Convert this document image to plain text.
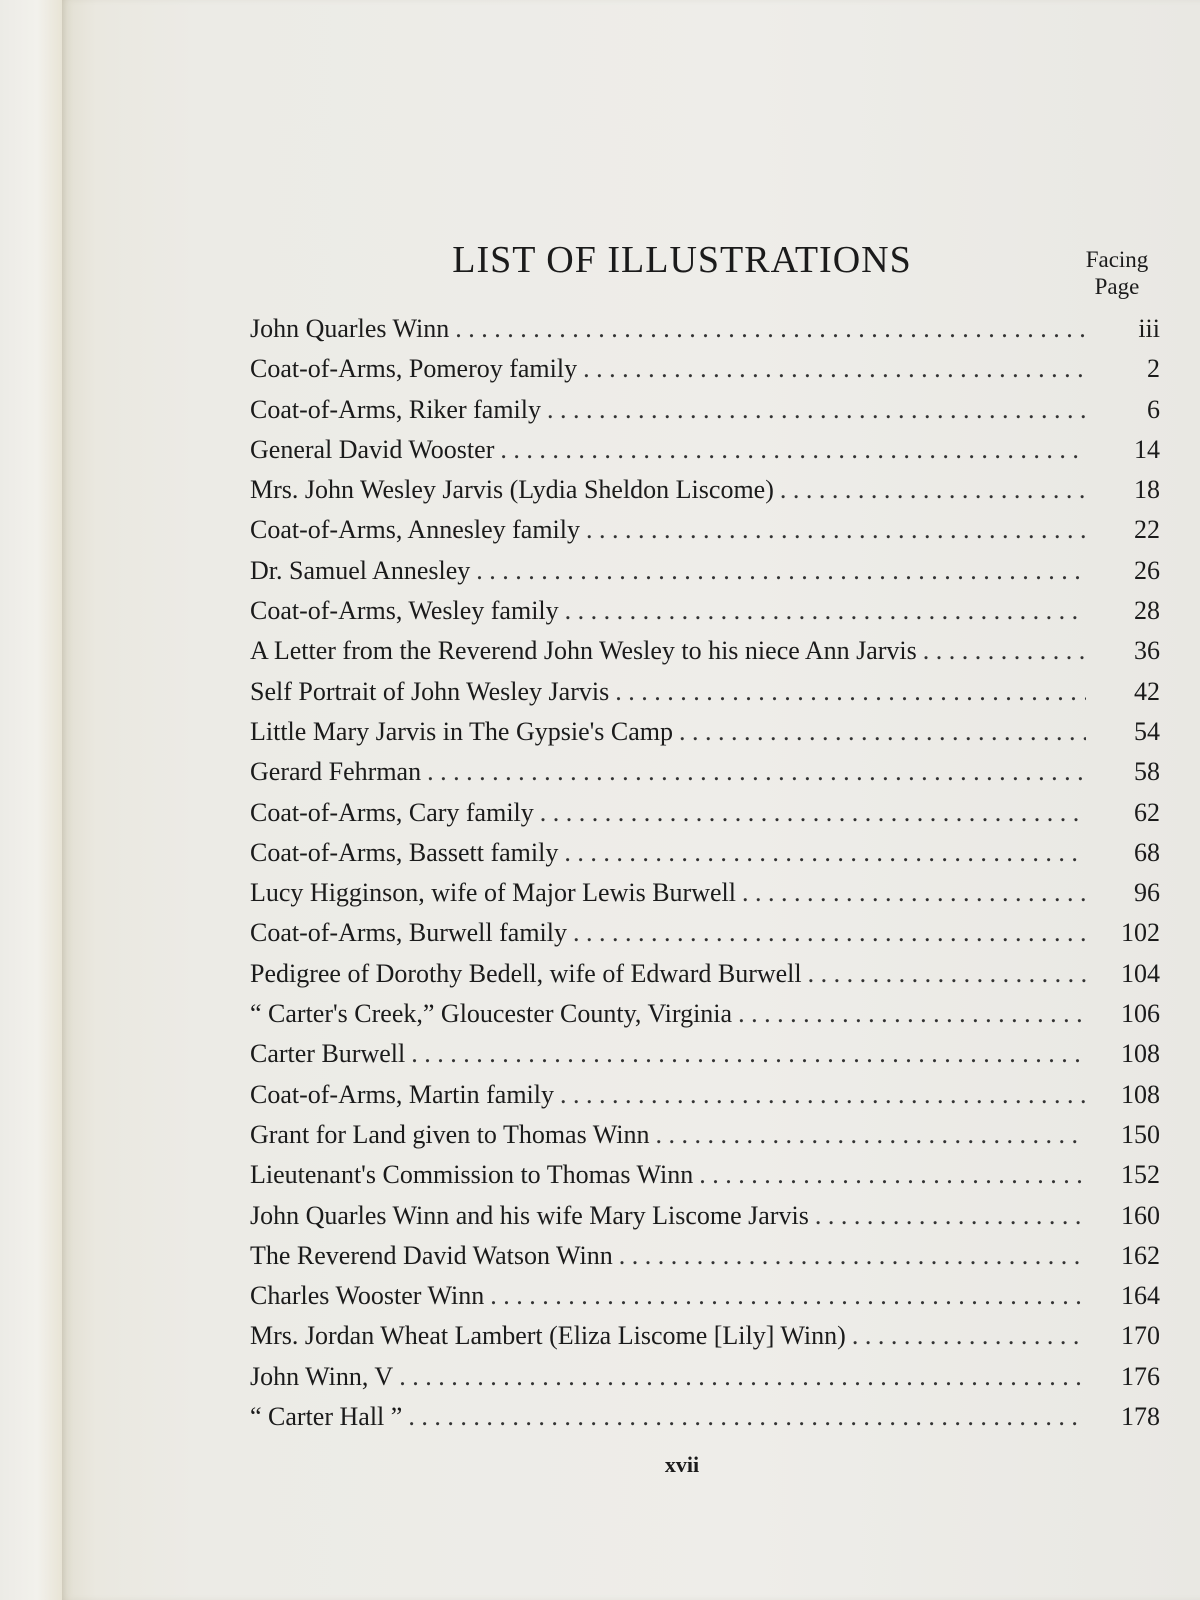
LIST OF ILLUSTRATIONS	Facing
Page
John Quarles Winn . . .	iii
Coat-of-Arms, Pomeroy family . . .	2
Coat-of-Arms, Riker family . . .	6
General David Wooster . . .	14
Mrs. John Wesley Jarvis (Lydia Sheldon Liscome) . . .	18
Coat-of-Arms, Annesley family . . .	22
Dr. Samuel Annesley . . .	26
Coat-of-Arms, Wesley family . . .	28
A Letter from the Reverend John Wesley to his niece Ann Jarvis . . .	36
Self Portrait of John Wesley Jarvis . . .	42
Little Mary Jarvis in The Gypsie's Camp . . .	54
Gerard Fehrman . . .	58
Coat-of-Arms, Cary family . . .	62
Coat-of-Arms, Bassett family . . .	68
Lucy Higginson, wife of Major Lewis Burwell . . .	96
Coat-of-Arms, Burwell family . . .	102
Pedigree of Dorothy Bedell, wife of Edward Burwell . . .	104
“ Carter's Creek,” Gloucester County, Virginia . . .	106
Carter Burwell . . .	108
Coat-of-Arms, Martin family . . .	108
Grant for Land given to Thomas Winn . . .	150
Lieutenant's Commission to Thomas Winn . . .	152
John Quarles Winn and his wife Mary Liscome Jarvis . . .	160
The Reverend David Watson Winn . . .	162
Charles Wooster Winn . . .	164
Mrs. Jordan Wheat Lambert (Eliza Liscome [Lily] Winn) . . .	170
John Winn, V . . .	176
“ Carter Hall ” . . .	178
xvii
